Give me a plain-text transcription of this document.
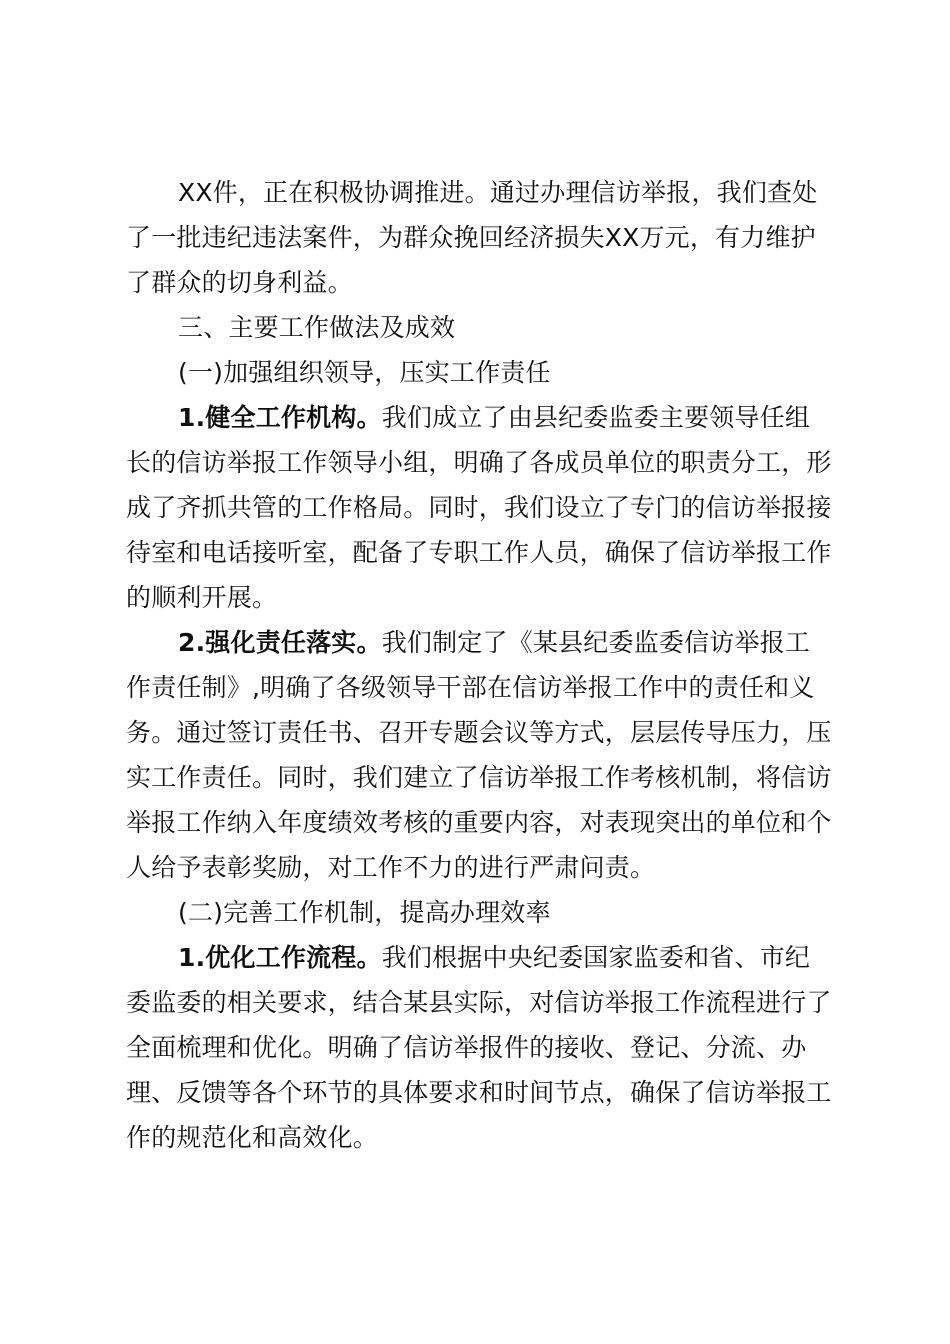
XX件，正在积极协调推进。通过办理信访举报，我们查处了一批违纪违法案件，为群众挽回经济损失XX万元，有力维护了群众的切身利益。

三、主要工作做法及成效

(一)加强组织领导，压实工作责任

1.健全工作机构。我们成立了由县纪委监委主要领导任组长的信访举报工作领导小组，明确了各成员单位的职责分工，形成了齐抓共管的工作格局。同时，我们设立了专门的信访举报接待室和电话接听室，配备了专职工作人员，确保了信访举报工作的顺利开展。

2.强化责任落实。我们制定了《某县纪委监委信访举报工作责任制》,明确了各级领导干部在信访举报工作中的责任和义务。通过签订责任书、召开专题会议等方式，层层传导压力，压实工作责任。同时，我们建立了信访举报工作考核机制，将信访举报工作纳入年度绩效考核的重要内容，对表现突出的单位和个人给予表彰奖励，对工作不力的进行严肃问责。

(二)完善工作机制，提高办理效率

1.优化工作流程。我们根据中央纪委国家监委和省、市纪委监委的相关要求，结合某县实际，对信访举报工作流程进行了全面梳理和优化。明确了信访举报件的接收、登记、分流、办理、反馈等各个环节的具体要求和时间节点，确保了信访举报工作的规范化和高效化。
